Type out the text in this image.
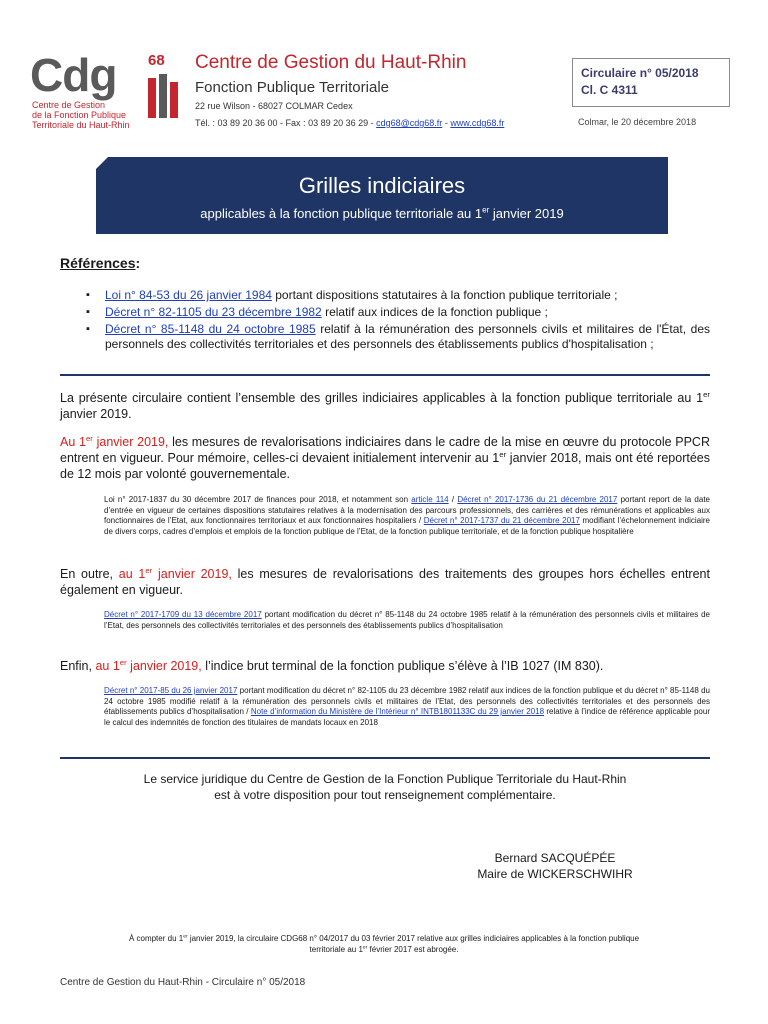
Cdg 68
Centre de Gestion
de la Fonction Publique
Territoriale du Haut-Rhin
Centre de Gestion du Haut-Rhin
Fonction Publique Territoriale
22 rue Wilson - 68027 COLMAR Cedex
Tél. : 03 89 20 36 00 - Fax : 03 89 20 36 29 - cdg68@cdg68.fr - www.cdg68.fr
Circulaire n° 05/2018
Cl. C 4311
Colmar, le 20 décembre 2018
Grilles indiciaires
applicables à la fonction publique territoriale au 1er janvier 2019
Références:
▪ Loi n° 84-53 du 26 janvier 1984 portant dispositions statutaires à la fonction publique territoriale ;
▪ Décret n° 82-1105 du 23 décembre 1982 relatif aux indices de la fonction publique ;
▪ Décret n° 85-1148 du 24 octobre 1985 relatif à la rémunération des personnels civils et militaires de l'État, des personnels des collectivités territoriales et des personnels des établissements publics d'hospitalisation ;
La présente circulaire contient l’ensemble des grilles indiciaires applicables à la fonction publique territoriale au 1er janvier 2019.
Au 1er janvier 2019, les mesures de revalorisations indiciaires dans le cadre de la mise en œuvre du protocole PPCR entrent en vigueur. Pour mémoire, celles-ci devaient initialement intervenir au 1er janvier 2018, mais ont été reportées de 12 mois par volonté gouvernementale.
Loi n° 2017-1837 du 30 décembre 2017 de finances pour 2018, et notamment son article 114 / Décret n° 2017-1736 du 21 décembre 2017 portant report de la date d’entrée en vigueur de certaines dispositions statutaires relatives à la modernisation des parcours professionnels, des carrières et des rémunérations et applicables aux fonctionnaires de l’Etat, aux fonctionnaires territoriaux et aux fonctionnaires hospitaliers / Décret n° 2017-1737 du 21 décembre 2017 modifiant l’échelonnement indiciaire de divers corps, cadres d’emplois et emplois de la fonction publique de l’Etat, de la fonction publique territoriale, et de la fonction publique hospitalière
En outre, au 1er janvier 2019, les mesures de revalorisations des traitements des groupes hors échelles entrent également en vigueur.
Décret n° 2017-1709 du 13 décembre 2017 portant modification du décret n° 85-1148 du 24 octobre 1985 relatif à la rémunération des personnels civils et militaires de l’Etat, des personnels des collectivités territoriales et des personnels des établissements publics d’hospitalisation
Enfin, au 1er janvier 2019, l’indice brut terminal de la fonction publique s’élève à l’IB 1027 (IM 830).
Décret n° 2017-85 du 26 janvier 2017 portant modification du décret n° 82-1105 du 23 décembre 1982 relatif aux indices de la fonction publique et du décret n° 85-1148 du 24 octobre 1985 modifié relatif à la rémunération des personnels civils et militaires de l’Etat, des personnels des collectivités territoriales et des personnels des établissements publics d’hospitalisation / Note d’information du Ministère de l’Intérieur n° INTB1801133C du 29 janvier 2018 relative à l’indice de référence applicable pour le calcul des indemnités de fonction des titulaires de mandats locaux en 2018
Le service juridique du Centre de Gestion de la Fonction Publique Territoriale du Haut-Rhin
est à votre disposition pour tout renseignement complémentaire.
Bernard SACQUÉPÉE
Maire de WICKERSCHWIHR
À compter du 1er janvier 2019, la circulaire CDG68 n° 04/2017 du 03 février 2017 relative aux grilles indiciaires applicables à la fonction publique territoriale au 1er février 2017 est abrogée.
Centre de Gestion du Haut-Rhin - Circulaire n° 05/2018
